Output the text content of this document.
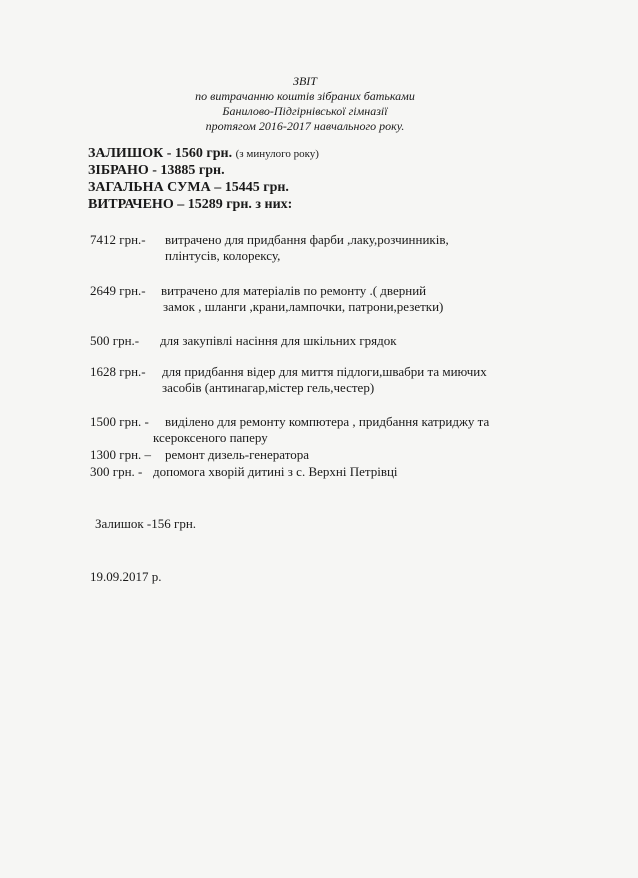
ЗВІТ
по витрачанню коштів зібраних батьками
Банилово-Підгірнівської гімназії
протягом 2016-2017 навчального року.
ЗАЛИШОК - 1560 грн. (з минулого року)
ЗІБРАНО - 13885 грн.
ЗАГАЛЬНА СУМА – 15445 грн.
ВИТРАЧЕНО – 15289 грн. з них:
7412 грн.- витрачено для придбання фарби ,лаку,розчинників,
плінтусів, колорексу,
2649 грн.- витрачено для матеріалів по ремонту .( дверний
замок , шланги ,крани,лампочки, патрони,резетки)
500 грн.- для закупівлі насіння для шкільних грядок
1628 грн.- для придбання відер для миття підлоги,швабри та миючих
засобів (антинагар,містер гель,честер)
1500 грн. - виділено для ремонту компютера , придбання катриджу та
ксероксеного паперу
1300 грн. – ремонт дизель-генератора
300 грн. - допомога хворій дитині з с. Верхні Петрівці
Залишок -156 грн.
19.09.2017 р.
